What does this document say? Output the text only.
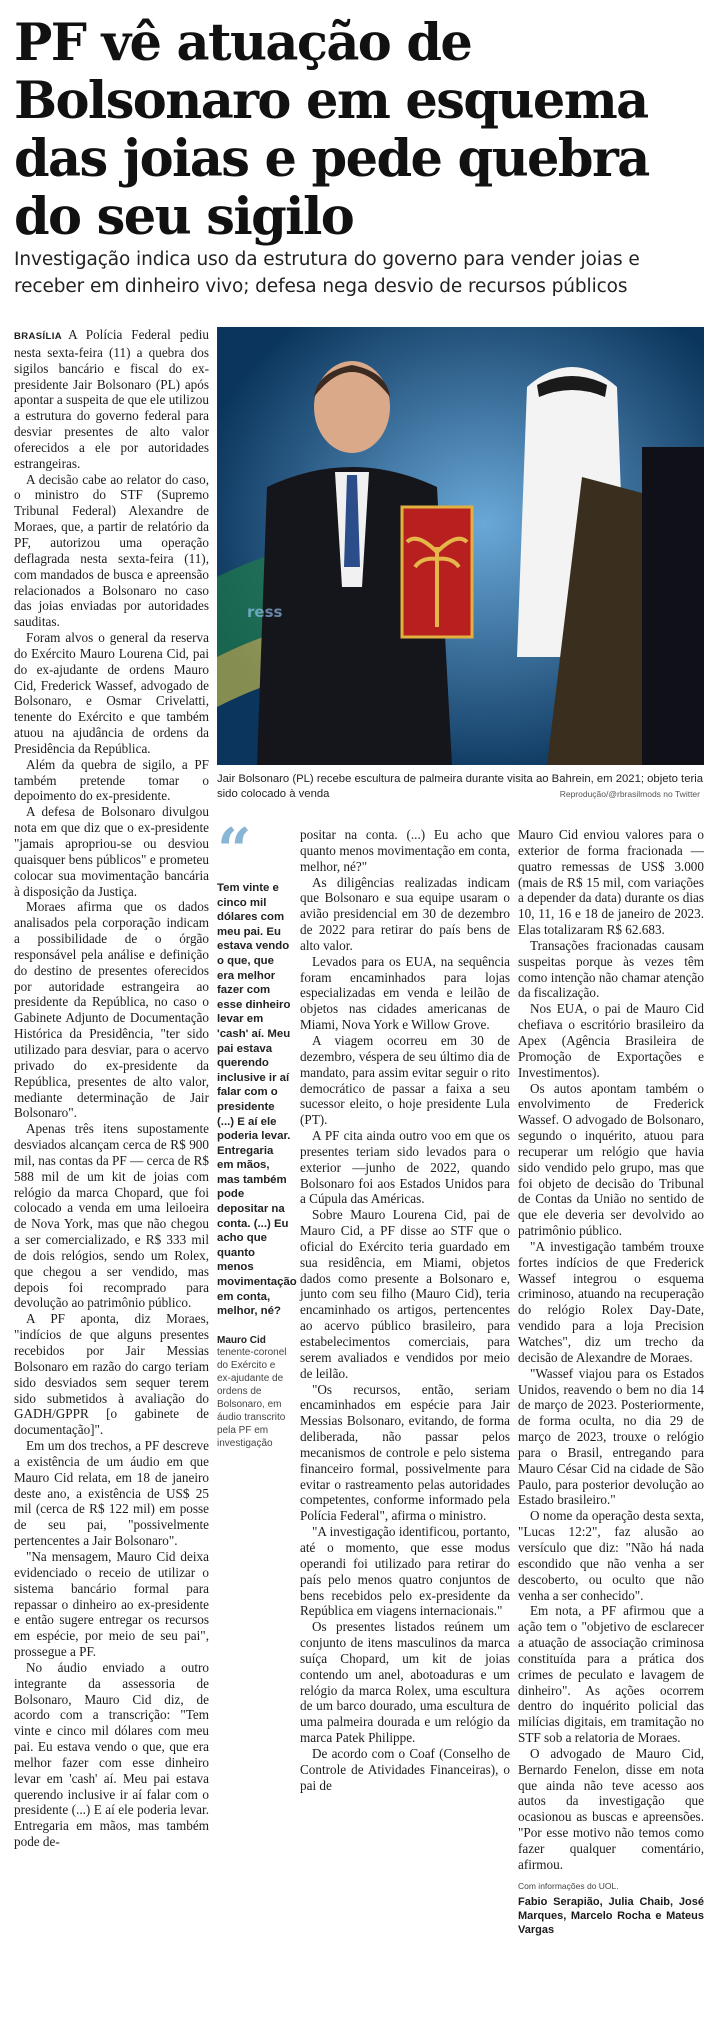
PF vê atuação de Bolsonaro em esquema das joias e pede quebra do seu sigilo

Investigação indica uso da estrutura do governo para vender joias e receber em dinheiro vivo; defesa nega desvio de recursos públicos

BRASÍLIA A Polícia Federal pediu nesta sexta-feira (11) a quebra dos sigilos bancário e fiscal do ex-presidente Jair Bolsonaro (PL) após apontar a suspeita de que ele utilizou a estrutura do governo federal para desviar presentes de alto valor oferecidos a ele por autoridades estrangeiras.

A decisão cabe ao relator do caso, o ministro do STF (Supremo Tribunal Federal) Alexandre de Moraes, que, a partir de relatório da PF, autorizou uma operação deflagrada nesta sexta-feira (11), com mandados de busca e apreensão relacionados a Bolsonaro no caso das joias enviadas por autoridades sauditas.

Foram alvos o general da reserva do Exército Mauro Lourena Cid, pai do ex-ajudante de ordens Mauro Cid, Frederick Wassef, advogado de Bolsonaro, e Osmar Crivelatti, tenente do Exército e que também atuou na ajudância de ordens da Presidência da República.

Além da quebra de sigilo, a PF também pretende tomar o depoimento do ex-presidente.

A defesa de Bolsonaro divulgou nota em que diz que o ex-presidente "jamais apropriou-se ou desviou quaisquer bens públicos" e prometeu colocar sua movimentação bancária à disposição da Justiça.

Moraes afirma que os dados analisados pela corporação indicam a possibilidade de o órgão responsável pela análise e definição do destino de presentes oferecidos por autoridade estrangeira ao presidente da República, no caso o Gabinete Adjunto de Documentação Histórica da Presidência, "ter sido utilizado para desviar, para o acervo privado do ex-presidente da República, presentes de alto valor, mediante determinação de Jair Bolsonaro".

Apenas três itens supostamente desviados alcançam cerca de R$ 900 mil, nas contas da PF — cerca de R$ 588 mil de um kit de joias com relógio da marca Chopard, que foi colocado a venda em uma leiloeira de Nova York, mas que não chegou a ser comercializado, e R$ 333 mil de dois relógios, sendo um Rolex, que chegou a ser vendido, mas depois foi recomprado para devolução ao patrimônio público.

A PF aponta, diz Moraes, "indícios de que alguns presentes recebidos por Jair Messias Bolsonaro em razão do cargo teriam sido desviados sem sequer terem sido submetidos à avaliação do GADH/GPPR [o gabinete de documentação]".

Em um dos trechos, a PF descreve a existência de um áudio em que Mauro Cid relata, em 18 de janeiro deste ano, a existência de US$ 25 mil (cerca de R$ 122 mil) em posse de seu pai, "possivelmente pertencentes a Jair Bolsonaro".

"Na mensagem, Mauro Cid deixa evidenciado o receio de utilizar o sistema bancário formal para repassar o dinheiro ao ex-presidente e então sugere entregar os recursos em espécie, por meio de seu pai", prossegue a PF.

No áudio enviado a outro integrante da assessoria de Bolsonaro, Mauro Cid diz, de acordo com a transcrição: "Tem vinte e cinco mil dólares com meu pai. Eu estava vendo o que, que era melhor fazer com esse dinheiro levar em 'cash' aí. Meu pai estava querendo inclusive ir aí falar com o presidente (...) E aí ele poderia levar. Entregaria em mãos, mas também pode de-

ress

Jair Bolsonaro (PL) recebe escultura de palmeira durante visita ao Bahrein, em 2021; objeto teria sido colocado à venda	Reprodução/@rbrasilmods no Twitter
“
Tem vinte e cinco mil dólares com meu pai. Eu estava vendo o que, que era melhor fazer com esse dinheiro levar em 'cash' aí. Meu pai estava querendo inclusive ir aí falar com o presidente (...) E aí ele poderia levar. Entregaria em mãos, mas também pode depositar na conta. (...) Eu acho que quanto menos movimentação em conta, melhor, né?
Mauro Cid
tenente-coronel do Exército e ex-ajudante de ordens de Bolsonaro, em áudio transcrito pela PF em investigação

positar na conta. (...) Eu acho que quanto menos movimentação em conta, melhor, né?"

As diligências realizadas indicam que Bolsonaro e sua equipe usaram o avião presidencial em 30 de dezembro de 2022 para retirar do país bens de alto valor.

Levados para os EUA, na sequência foram encaminhados para lojas especializadas em venda e leilão de objetos nas cidades americanas de Miami, Nova York e Willow Grove.

A viagem ocorreu em 30 de dezembro, véspera de seu último dia de mandato, para assim evitar seguir o rito democrático de passar a faixa a seu sucessor eleito, o hoje presidente Lula (PT).

A PF cita ainda outro voo em que os presentes teriam sido levados para o exterior —junho de 2022, quando Bolsonaro foi aos Estados Unidos para a Cúpula das Américas.

Sobre Mauro Lourena Cid, pai de Mauro Cid, a PF disse ao STF que o oficial do Exército teria guardado em sua residência, em Miami, objetos dados como presente a Bolsonaro e, junto com seu filho (Mauro Cid), teria encaminhado os artigos, pertencentes ao acervo público brasileiro, para estabelecimentos comerciais, para serem avaliados e vendidos por meio de leilão.

"Os recursos, então, seriam encaminhados em espécie para Jair Messias Bolsonaro, evitando, de forma deliberada, não passar pelos mecanismos de controle e pelo sistema financeiro formal, possivelmente para evitar o rastreamento pelas autoridades competentes, conforme informado pela Polícia Federal", afirma o ministro.

"A investigação identificou, portanto, até o momento, que esse modus operandi foi utilizado para retirar do país pelo menos quatro conjuntos de bens recebidos pelo ex-presidente da República em viagens internacionais."

Os presentes listados reúnem um conjunto de itens masculinos da marca suíça Chopard, um kit de joias contendo um anel, abotoaduras e um relógio da marca Rolex, uma escultura de um barco dourado, uma escultura de uma palmeira dourada e um relógio da marca Patek Philippe.

De acordo com o Coaf (Conselho de Controle de Atividades Financeiras), o pai de

Mauro Cid enviou valores para o exterior de forma fracionada —quatro remessas de US$ 3.000 (mais de R$ 15 mil, com variações a depender da data) durante os dias 10, 11, 16 e 18 de janeiro de 2023. Elas totalizaram R$ 62.683.

Transações fracionadas causam suspeitas porque às vezes têm como intenção não chamar atenção da fiscalização.

Nos EUA, o pai de Mauro Cid chefiava o escritório brasileiro da Apex (Agência Brasileira de Promoção de Exportações e Investimentos).

Os autos apontam também o envolvimento de Frederick Wassef. O advogado de Bolsonaro, segundo o inquérito, atuou para recuperar um relógio que havia sido vendido pelo grupo, mas que foi objeto de decisão do Tribunal de Contas da União no sentido de que ele deveria ser devolvido ao patrimônio público.

"A investigação também trouxe fortes indícios de que Frederick Wassef integrou o esquema criminoso, atuando na recuperação do relógio Rolex Day-Date, vendido para a loja Precision Watches", diz um trecho da decisão de Alexandre de Moraes.

"Wassef viajou para os Estados Unidos, reavendo o bem no dia 14 de março de 2023. Posteriormente, de forma oculta, no dia 29 de março de 2023, trouxe o relógio para o Brasil, entregando para Mauro César Cid na cidade de São Paulo, para posterior devolução ao Estado brasileiro."

O nome da operação desta sexta, "Lucas 12:2", faz alusão ao versículo que diz: "Não há nada escondido que não venha a ser descoberto, ou oculto que não venha a ser conhecido".

Em nota, a PF afirmou que a ação tem o "objetivo de esclarecer a atuação de associação criminosa constituída para a prática dos crimes de peculato e lavagem de dinheiro". As ações ocorrem dentro do inquérito policial das milícias digitais, em tramitação no STF sob a relatoria de Moraes.

O advogado de Mauro Cid, Bernardo Fenelon, disse em nota que ainda não teve acesso aos autos da investigação que ocasionou as buscas e apreensões. "Por esse motivo não temos como fazer qualquer comentário, afirmou.

Com informações do UOL.
Fabio Serapião, Julia Chaib, José Marques, Marcelo Rocha e Mateus Vargas
